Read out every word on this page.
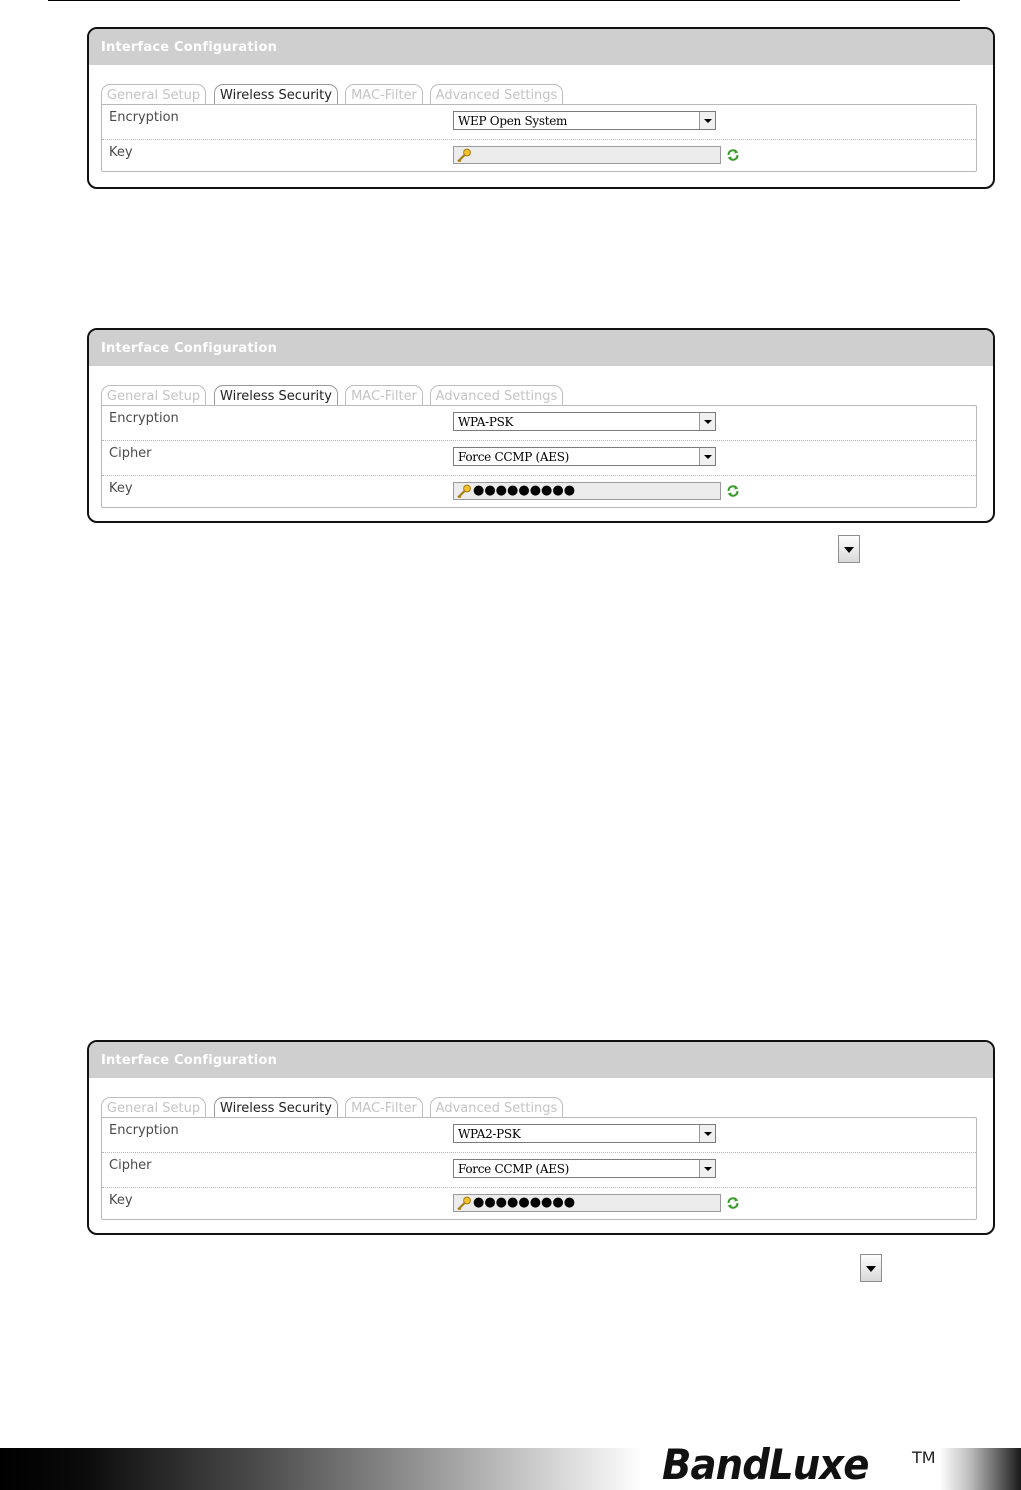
Interface Configuration
General Setup	Wireless Security	MAC-Filter	Advanced Settings
Encryption	WEP Open System
Key
Interface Configuration
General Setup	Wireless Security	MAC-Filter	Advanced Settings
Encryption	WPA-PSK
Cipher	Force CCMP (AES)
Key	●●●●●●●●●
Interface Configuration
General Setup	Wireless Security	MAC-Filter	Advanced Settings
Encryption	WPA2-PSK
Cipher	Force CCMP (AES)
Key	●●●●●●●●●
BandLuxe	TM
